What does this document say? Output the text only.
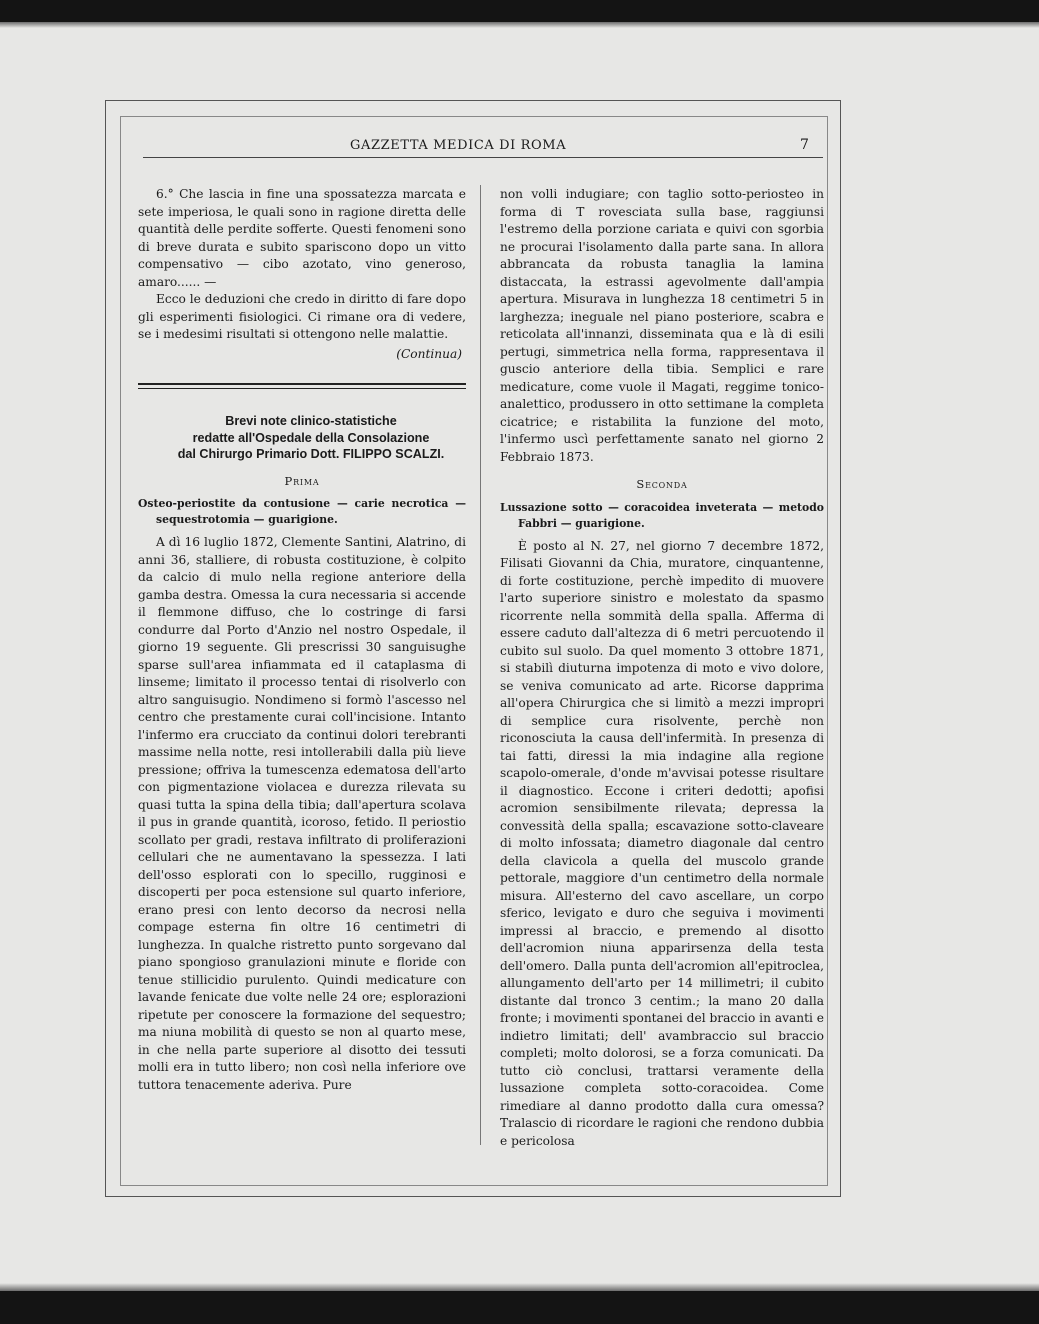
GAZZETTA MEDICA DI ROMA	7

6.° Che lascia in fine una spossatezza marcata e sete imperiosa, le quali sono in ragione diretta delle quantità delle perdite sofferte. Questi fenomeni sono di breve durata e subito spariscono dopo un vitto compensativo — cibo azotato, vino generoso, amaro...... —

Ecco le deduzioni che credo in diritto di fare dopo gli esperimenti fisiologici. Ci rimane ora di vedere, se i medesimi risultati si ottengono nelle malattie.

(Continua)

Brevi note clinico-statistiche

redatte all'Ospedale della Consolazione

dal Chirurgo Primario Dott. FILIPPO SCALZI.

Prima
Osteo-periostite da contusione — carie necrotica — sequestrotomia — guarigione.

A dì 16 luglio 1872, Clemente Santini, Alatrino, di anni 36, stalliere, di robusta costituzione, è colpito da calcio di mulo nella regione anteriore della gamba destra. Omessa la cura necessaria si accende il flemmone diffuso, che lo costringe di farsi condurre dal Porto d'Anzio nel nostro Ospedale, il giorno 19 seguente. Gli prescrissi 30 sanguisughe sparse sull'area infiammata ed il cataplasma di linseme; limitato il processo tentai di risolverlo con altro sanguisugio. Nondimeno si formò l'ascesso nel centro che prestamente curai coll'incisione. Intanto l'infermo era crucciato da continui dolori terebranti massime nella notte, resi intollerabili dalla più lieve pressione; offriva la tumescenza edematosa dell'arto con pigmentazione violacea e durezza rilevata su quasi tutta la spina della tibia; dall'apertura scolava il pus in grande quantità, icoroso, fetido. Il periostio scollato per gradi, restava infiltrato di proliferazioni cellulari che ne aumentavano la spessezza. I lati dell'osso esplorati con lo specillo, rugginosi e discoperti per poca estensione sul quarto inferiore, erano presi con lento decorso da necrosi nella compage esterna fin oltre 16 centimetri di lunghezza. In qualche ristretto punto sorgevano dal piano spongioso granulazioni minute e floride con tenue stillicidio purulento. Quindi medicature con lavande fenicate due volte nelle 24 ore; esplorazioni ripetute per conoscere la formazione del sequestro; ma niuna mobilità di questo se non al quarto mese, in che nella parte superiore al disotto dei tessuti molli era in tutto libero; non così nella inferiore ove tuttora tenacemente aderiva. Pure

non volli indugiare; con taglio sotto-periosteo in forma di T rovesciata sulla base, raggiunsi l'estremo della porzione cariata e quivi con sgorbia ne procurai l'isolamento dalla parte sana. In allora abbrancata da robusta tanaglia la lamina distaccata, la estrassi agevolmente dall'ampia apertura. Misurava in lunghezza 18 centimetri 5 in larghezza; ineguale nel piano posteriore, scabra e reticolata all'innanzi, disseminata qua e là di esili pertugi, simmetrica nella forma, rappresentava il guscio anteriore della tibia. Semplici e rare medicature, come vuole il Magati, reggime tonico-analettico, produssero in otto settimane la completa cicatrice; e ristabilita la funzione del moto, l'infermo uscì perfettamente sanato nel giorno 2 Febbraio 1873.

Seconda
Lussazione sotto — coracoidea inveterata — metodo Fabbri — guarigione.

È posto al N. 27, nel giorno 7 decembre 1872, Filisati Giovanni da Chia, muratore, cinquantenne, di forte costituzione, perchè impedito di muovere l'arto superiore sinistro e molestato da spasmo ricorrente nella sommità della spalla. Afferma di essere caduto dall'altezza di 6 metri percuotendo il cubito sul suolo. Da quel momento 3 ottobre 1871, si stabilì diuturna impotenza di moto e vivo dolore, se veniva comunicato ad arte. Ricorse dapprima all'opera Chirurgica che si limitò a mezzi impropri di semplice cura risolvente, perchè non riconosciuta la causa dell'infermità. In presenza di tai fatti, diressi la mia indagine alla regione scapolo-omerale, d'onde m'avvisai potesse risultare il diagnostico. Eccone i criteri dedotti; apofisi acromion sensibilmente rilevata; depressa la convessità della spalla; escavazione sotto-claveare di molto infossata; diametro diagonale dal centro della clavicola a quella del muscolo grande pettorale, maggiore d'un centimetro della normale misura. All'esterno del cavo ascellare, un corpo sferico, levigato e duro che seguiva i movimenti impressi al braccio, e premendo al disotto dell'acromion niuna apparirsenza della testa dell'omero. Dalla punta dell'acromion all'epitroclea, allungamento dell'arto per 14 millimetri; il cubito distante dal tronco 3 centim.; la mano 20 dalla fronte; i movimenti spontanei del braccio in avanti e indietro limitati; dell' avambraccio sul braccio completi; molto dolorosi, se a forza comunicati. Da tutto ciò conclusi, trattarsi veramente della lussazione completa sotto-coracoidea. Come rimediare al danno prodotto dalla cura omessa? Tralascio di ricordare le ragioni che rendono dubbia e pericolosa
